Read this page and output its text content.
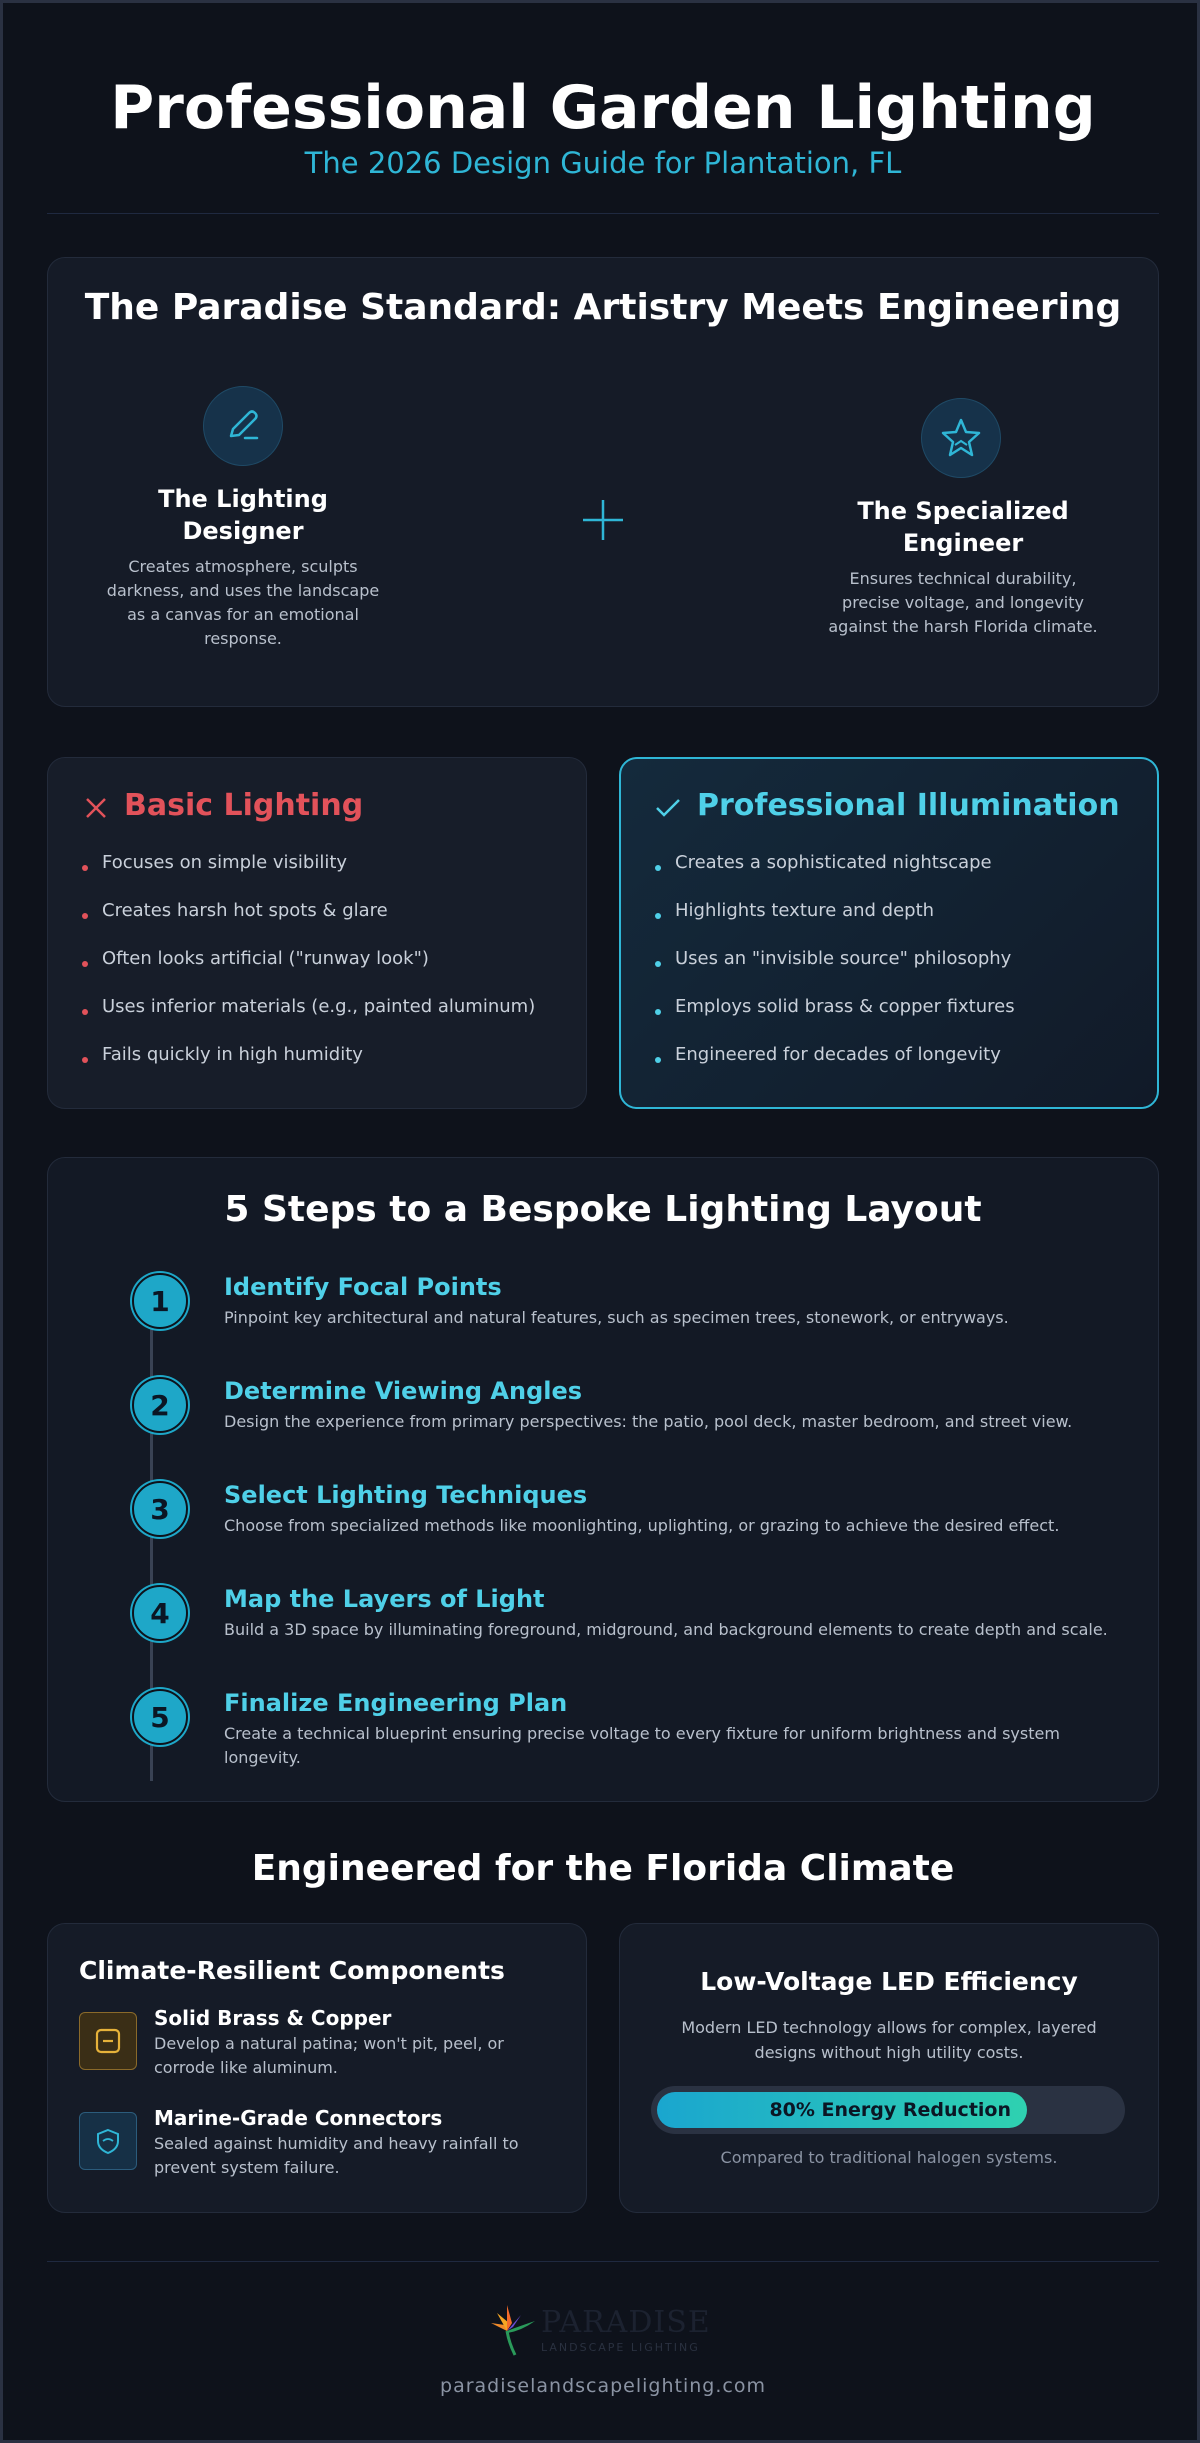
Professional Garden Lighting
The 2026 Design Guide for Plantation, FL
The Paradise Standard: Artistry Meets Engineering
The Lighting
Designer
Creates atmosphere, sculpts
darkness, and uses the landscape
as a canvas for an emotional
response.
The Specialized
Engineer
Ensures technical durability,
precise voltage, and longevity
against the harsh Florida climate.
Basic Lighting
Focuses on simple visibility
Creates harsh hot spots & glare
Often looks artificial ("runway look")
Uses inferior materials (e.g., painted aluminum)
Fails quickly in high humidity
Professional Illumination
Creates a sophisticated nightscape
Highlights texture and depth
Uses an "invisible source" philosophy
Employs solid brass & copper fixtures
Engineered for decades of longevity
5 Steps to a Bespoke Lighting Layout
1	Identify Focal Points
Pinpoint key architectural and natural features, such as specimen trees, stonework, or entryways.
2	Determine Viewing Angles
Design the experience from primary perspectives: the patio, pool deck, master bedroom, and street view.
3	Select Lighting Techniques
Choose from specialized methods like moonlighting, uplighting, or grazing to achieve the desired effect.
4	Map the Layers of Light
Build a 3D space by illuminating foreground, midground, and background elements to create depth and scale.
5	Finalize Engineering Plan
Create a technical blueprint ensuring precise voltage to every fixture for uniform brightness and system
longevity.
Engineered for the Florida Climate
Climate-Resilient Components
Solid Brass & Copper
Develop a natural patina; won't pit, peel, or
corrode like aluminum.
Marine-Grade Connectors
Sealed against humidity and heavy rainfall to
prevent system failure.
Low-Voltage LED Efficiency
Modern LED technology allows for complex, layered
designs without high utility costs.
80% Energy Reduction
Compared to traditional halogen systems.
PARADISE
LANDSCAPE LIGHTING
paradiselandscapelighting.com
